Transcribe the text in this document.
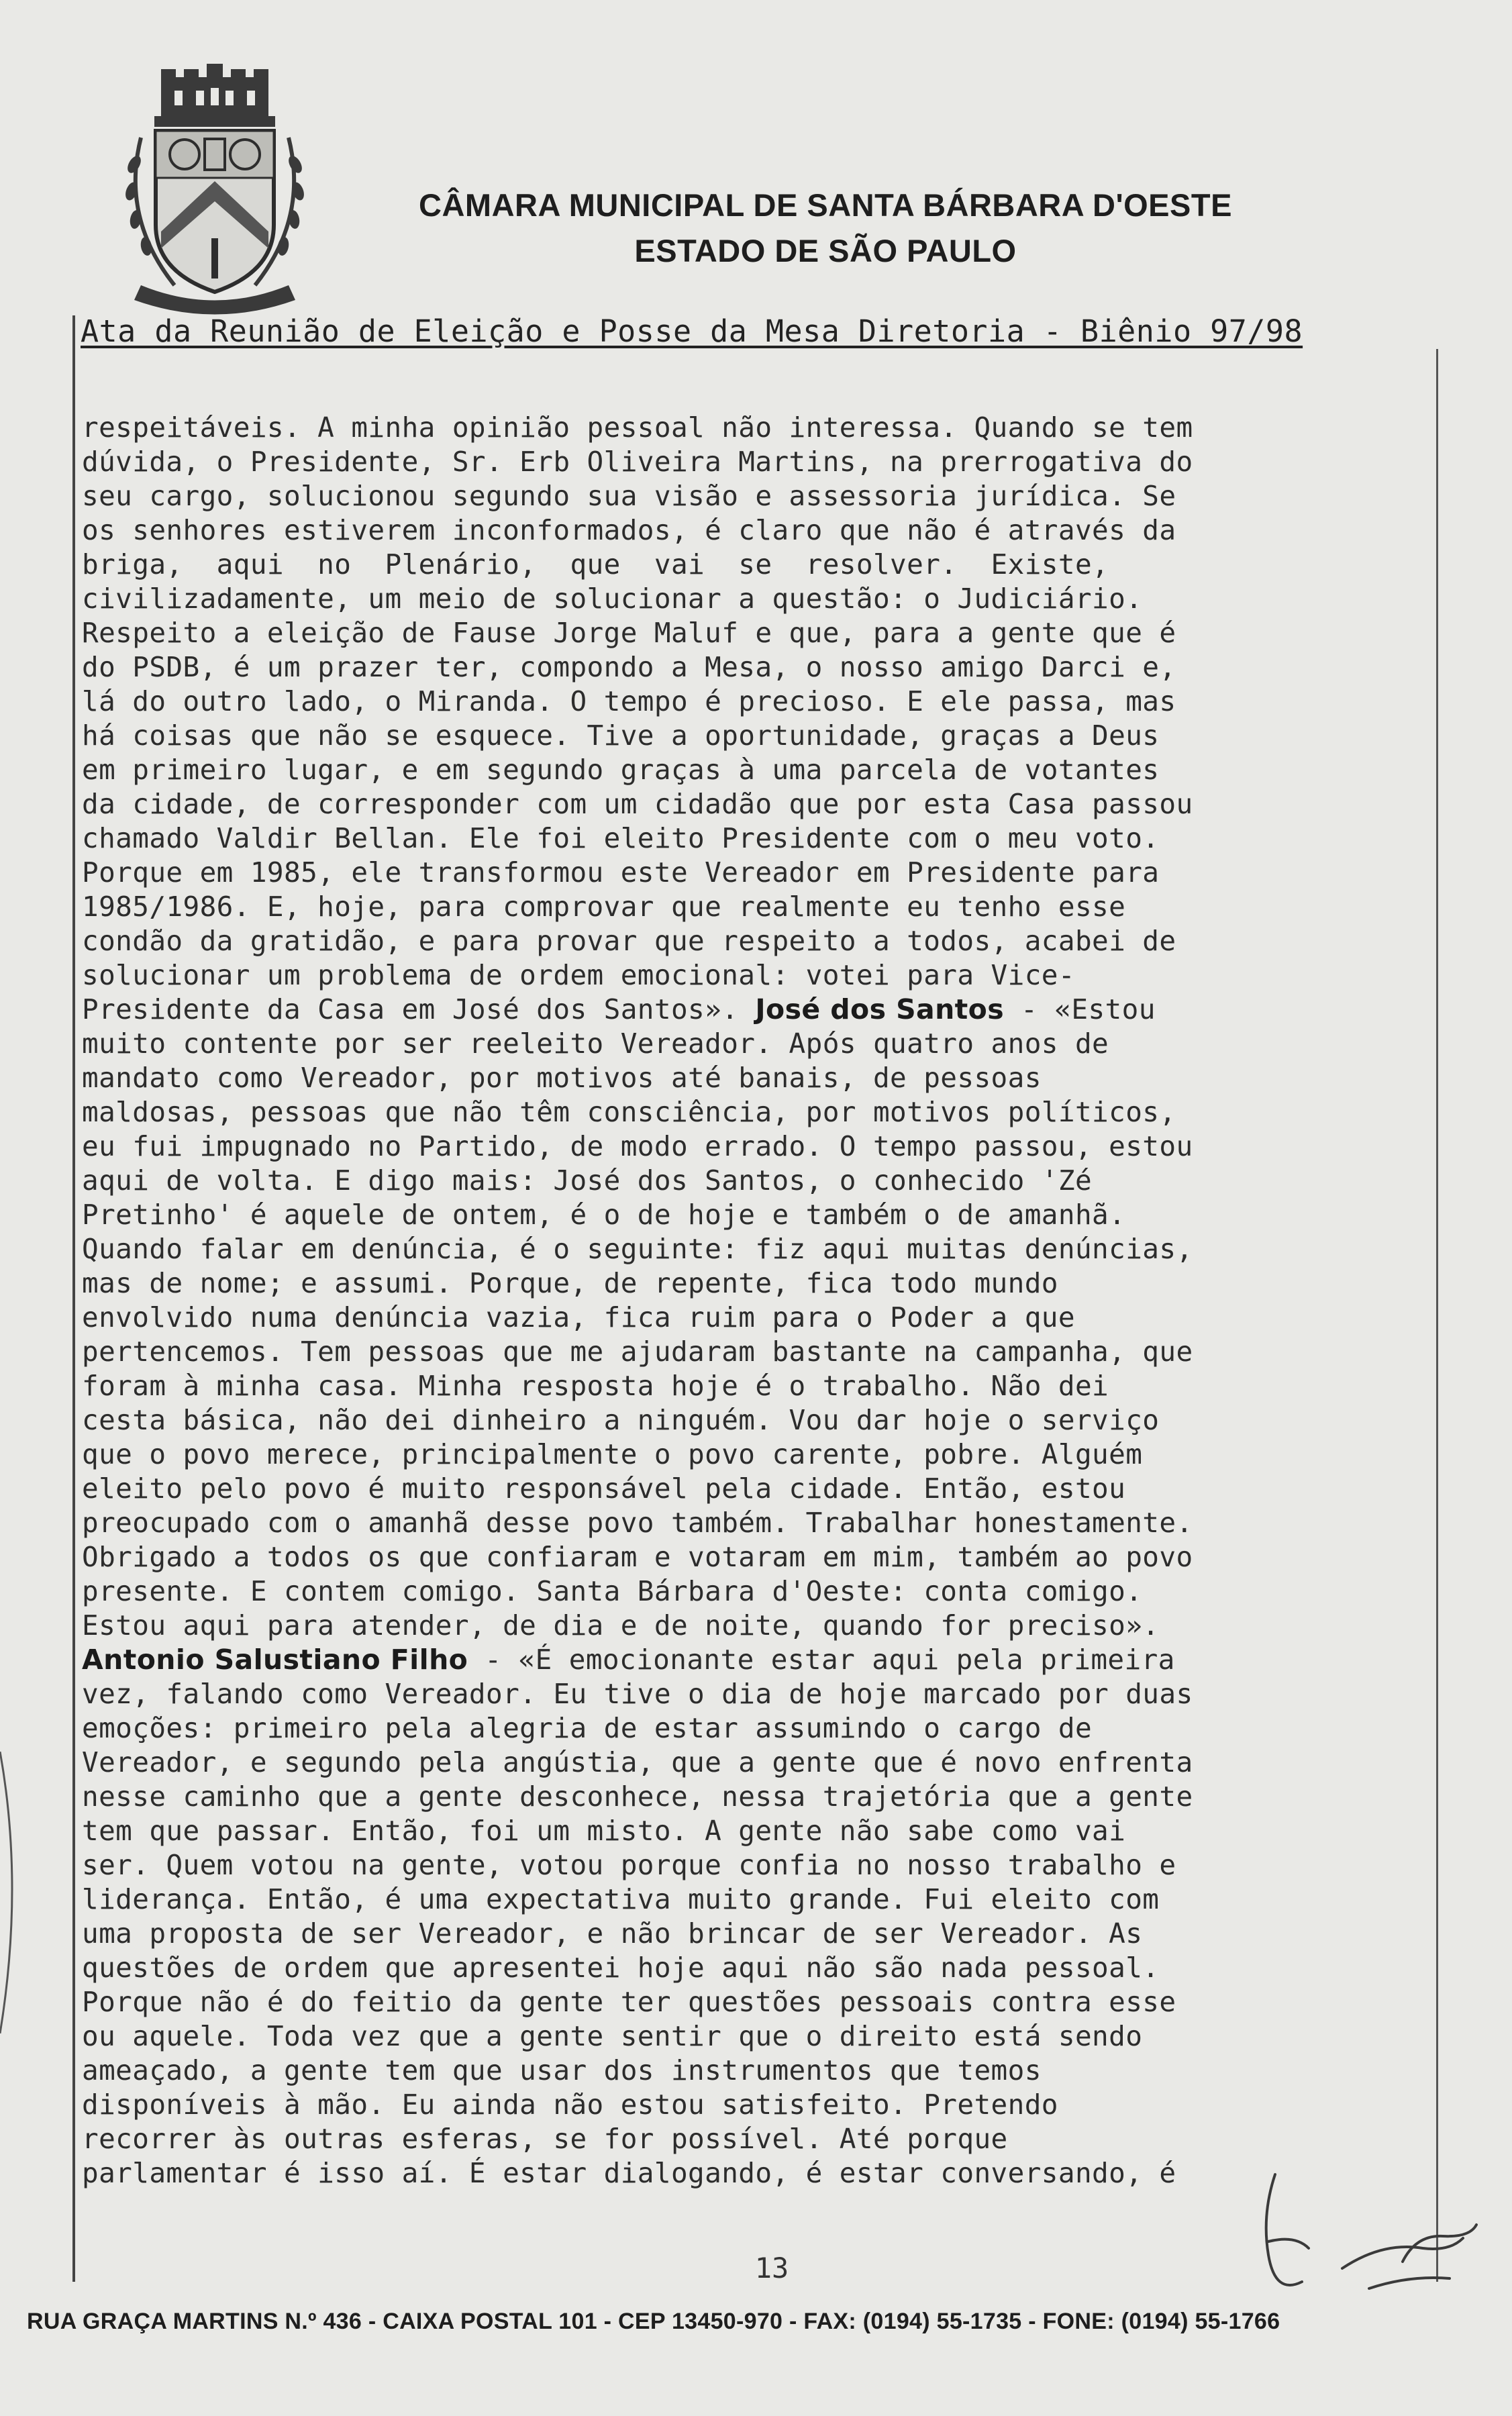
CÂMARA MUNICIPAL DE SANTA BÁRBARA D'OESTE
ESTADO DE SÃO PAULO
Ata da Reunião de Eleição e Posse da Mesa Diretoria - Biênio 97/98
respeitáveis. A minha opinião pessoal não interessa. Quando se tem
dúvida, o Presidente, Sr. Erb Oliveira Martins, na prerrogativa do
seu cargo, solucionou segundo sua visão e assessoria jurídica. Se
os senhores estiverem inconformados, é claro que não é através da
briga,  aqui  no  Plenário,  que  vai  se  resolver.  Existe,
civilizadamente, um meio de solucionar a questão: o Judiciário.
Respeito a eleição de Fause Jorge Maluf e que, para a gente que é
do PSDB, é um prazer ter, compondo a Mesa, o nosso amigo Darci e,
lá do outro lado, o Miranda. O tempo é precioso. E ele passa, mas
há coisas que não se esquece. Tive a oportunidade, graças a Deus
em primeiro lugar, e em segundo graças à uma parcela de votantes
da cidade, de corresponder com um cidadão que por esta Casa passou
chamado Valdir Bellan. Ele foi eleito Presidente com o meu voto.
Porque em 1985, ele transformou este Vereador em Presidente para
1985/1986. E, hoje, para comprovar que realmente eu tenho esse
condão da gratidão, e para provar que respeito a todos, acabei de
solucionar um problema de ordem emocional: votei para Vice-
Presidente da Casa em José dos Santos». José dos Santos - «Estou
muito contente por ser reeleito Vereador. Após quatro anos de
mandato como Vereador, por motivos até banais, de pessoas
maldosas, pessoas que não têm consciência, por motivos políticos,
eu fui impugnado no Partido, de modo errado. O tempo passou, estou
aqui de volta. E digo mais: José dos Santos, o conhecido 'Zé
Pretinho' é aquele de ontem, é o de hoje e também o de amanhã.
Quando falar em denúncia, é o seguinte: fiz aqui muitas denúncias,
mas de nome; e assumi. Porque, de repente, fica todo mundo
envolvido numa denúncia vazia, fica ruim para o Poder a que
pertencemos. Tem pessoas que me ajudaram bastante na campanha, que
foram à minha casa. Minha resposta hoje é o trabalho. Não dei
cesta básica, não dei dinheiro a ninguém. Vou dar hoje o serviço
que o povo merece, principalmente o povo carente, pobre. Alguém
eleito pelo povo é muito responsável pela cidade. Então, estou
preocupado com o amanhã desse povo também. Trabalhar honestamente.
Obrigado a todos os que confiaram e votaram em mim, também ao povo
presente. E contem comigo. Santa Bárbara d'Oeste: conta comigo.
Estou aqui para atender, de dia e de noite, quando for preciso».
Antonio Salustiano Filho - «É emocionante estar aqui pela primeira
vez, falando como Vereador. Eu tive o dia de hoje marcado por duas
emoções: primeiro pela alegria de estar assumindo o cargo de
Vereador, e segundo pela angústia, que a gente que é novo enfrenta
nesse caminho que a gente desconhece, nessa trajetória que a gente
tem que passar. Então, foi um misto. A gente não sabe como vai
ser. Quem votou na gente, votou porque confia no nosso trabalho e
liderança. Então, é uma expectativa muito grande. Fui eleito com
uma proposta de ser Vereador, e não brincar de ser Vereador. As
questões de ordem que apresentei hoje aqui não são nada pessoal.
Porque não é do feitio da gente ter questões pessoais contra esse
ou aquele. Toda vez que a gente sentir que o direito está sendo
ameaçado, a gente tem que usar dos instrumentos que temos
disponíveis à mão. Eu ainda não estou satisfeito. Pretendo
recorrer às outras esferas, se for possível. Até porque
parlamentar é isso aí. É estar dialogando, é estar conversando, é
13
RUA GRAÇA MARTINS N.º 436 - CAIXA POSTAL 101 - CEP 13450-970 - FAX: (0194) 55-1735 - FONE: (0194) 55-1766
